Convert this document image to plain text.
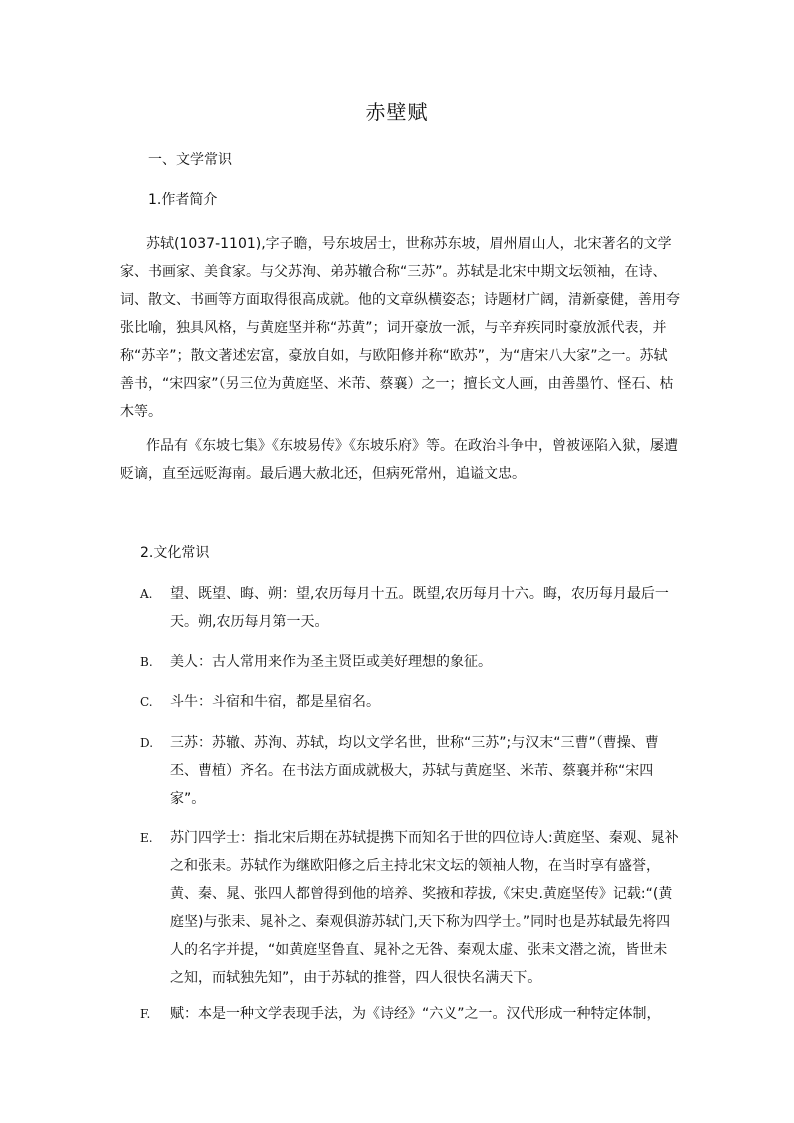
赤壁赋
一、文学常识
1.作者简介

苏轼(1037-1101),字子瞻，号东坡居士，世称苏东坡，眉州眉山人，北宋著名的文学家、书画家、美食家。与父苏洵、弟苏辙合称“三苏”。苏轼是北宋中期文坛领袖，在诗、词、散文、书画等方面取得很高成就。他的文章纵横姿态；诗题材广阔，清新豪健，善用夸张比喻，独具风格，与黄庭坚并称“苏黄”；词开豪放一派，与辛弃疾同时豪放派代表，并称“苏辛”；散文著述宏富，豪放自如，与欧阳修并称“欧苏”，为“唐宋八大家”之一。苏轼善书，“宋四家”（另三位为黄庭坚、米芾、蔡襄）之一；擅长文人画，由善墨竹、怪石、枯木等。

作品有《东坡七集》《东坡易传》《东坡乐府》等。在政治斗争中，曾被诬陷入狱，屡遭贬谪，直至远贬海南。最后遇大赦北还，但病死常州，追谥文忠。

2.文化常识
A.	望、既望、晦、朔：望,农历每月十五。既望,农历每月十六。晦，农历每月最后一天。朔,农历每月第一天。
B.	美人：古人常用来作为圣主贤臣或美好理想的象征。
C.	斗牛：斗宿和牛宿，都是星宿名。
D.	三苏：苏辙、苏洵、苏轼，均以文学名世，世称“三苏”;与汉末“三曹”（曹操、曹丕、曹植）齐名。在书法方面成就极大，苏轼与黄庭坚、米芾、蔡襄并称“宋四家”。
E.	苏门四学士：指北宋后期在苏轼提携下而知名于世的四位诗人:黄庭坚、秦观、晁补之和张耒。苏轼作为继欧阳修之后主持北宋文坛的领袖人物，在当时享有盛誉，黄、秦、晁、张四人都曾得到他的培养、奖掖和荐拔,《宋史.黄庭坚传》记载:“(黄庭坚)与张耒、晁补之、秦观俱游苏轼门,天下称为四学士。”同时也是苏轼最先将四人的名字并提，“如黄庭坚鲁直、晁补之无咎、秦观太虚、张耒文潜之流，皆世未之知，而轼独先知”，由于苏轼的推誉，四人很快名满天下。
F.	赋：本是一种文学表现手法，为《诗经》“六义”之一。汉代形成一种特定体制，
